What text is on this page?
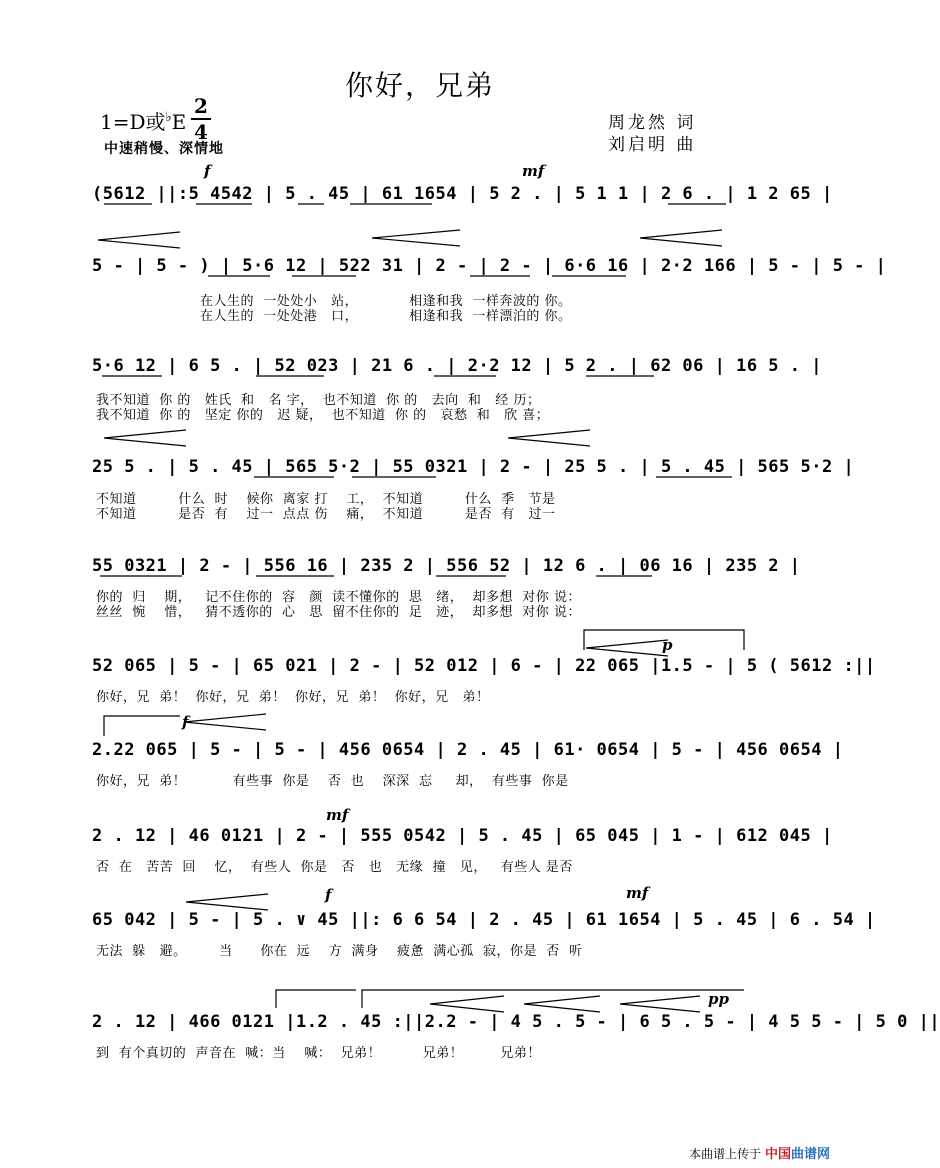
你好，兄弟
周龙然 词
刘启明 曲
1=D或♭E
2
4
中速稍慢、深情地
f	mf
p
f
mf
f	mf
pp
(5612 ||:5 4542 | 5 . 45 | 61 1654 | 5 2 . | 5 1 1 | 2 6 . | 1 2 65 |
5 - | 5 - ) | 5·6 12 | 522 31 | 2 - | 2 - | 6·6 16 | 2·2 166 | 5 - | 5 - |
在人生的  一处处小   站，           相逢和我  一样奔波的 你。
在人生的  一处处港   口，           相逢和我  一样漂泊的 你。
5·6 12 | 6 5 . | 52 023 | 21 6 . | 2·2 12 | 5 2 . | 62 06 | 16 5 . |
我不知道  你 的   姓氏  和   名 字，  也不知道  你 的   去向  和   经 历；
我不知道  你 的   坚定 你的   迟 疑，  也不知道  你 的   哀愁  和   欣 喜；
25 5 . | 5 . 45 | 565 5·2 | 55 0321 | 2 - | 25 5 . | 5 . 45 | 565 5·2 |
不知道         什么  时    候你  离家 打    工，  不知道         什么  季   节是
不知道         是否  有    过一  点点 伤    痛，  不知道         是否  有   过一
55 0321 | 2 - | 556 16 | 235 2 | 556 52 | 12 6 . | 06 16 | 235 2 |
你的  归    期，   记不住你的  容   颜  读不懂你的  思   绪，  却多想  对你 说：
丝丝  惋    惜，   猜不透你的  心   思  留不住你的  足   迹，  却多想  对你 说：
52 065 | 5 - | 65 021 | 2 - | 52 012 | 6 - | 22 065 |1.5 - | 5 ( 5612 :||
你好，兄  弟！  你好，兄  弟！  你好，兄  弟！  你好，兄   弟！
2.22 065 | 5 - | 5 - | 456 0654 | 2 . 45 | 61· 0654 | 5 - | 456 0654 |
你好，兄  弟！          有些事  你是    否  也    深深  忘     却，  有些事  你是
2 . 12 | 46 0121 | 2 - | 555 0542 | 5 . 45 | 65 045 | 1 - | 612 045 |
否  在   苦苦  回    忆，  有些人  你是   否   也   无缘  撞   见，   有些人 是否
65 042 | 5 - | 5 . ∨ 45 ||: 6 6 54 | 2 . 45 | 61 1654 | 5 . 45 | 6 . 54 |
无法  躲   避。       当      你在  远    方  满身    疲惫  满心孤  寂，你是  否  听
2 . 12 | 466 0121 |1.2 . 45 :||2.2 - | 4 5 . 5 - | 6 5 . 5 - | 4 5 5 - | 5 0 ||
到  有个真切的  声音在  喊：当    喊：  兄弟！         兄弟！        兄弟！
本曲谱上传于 中国曲谱网
